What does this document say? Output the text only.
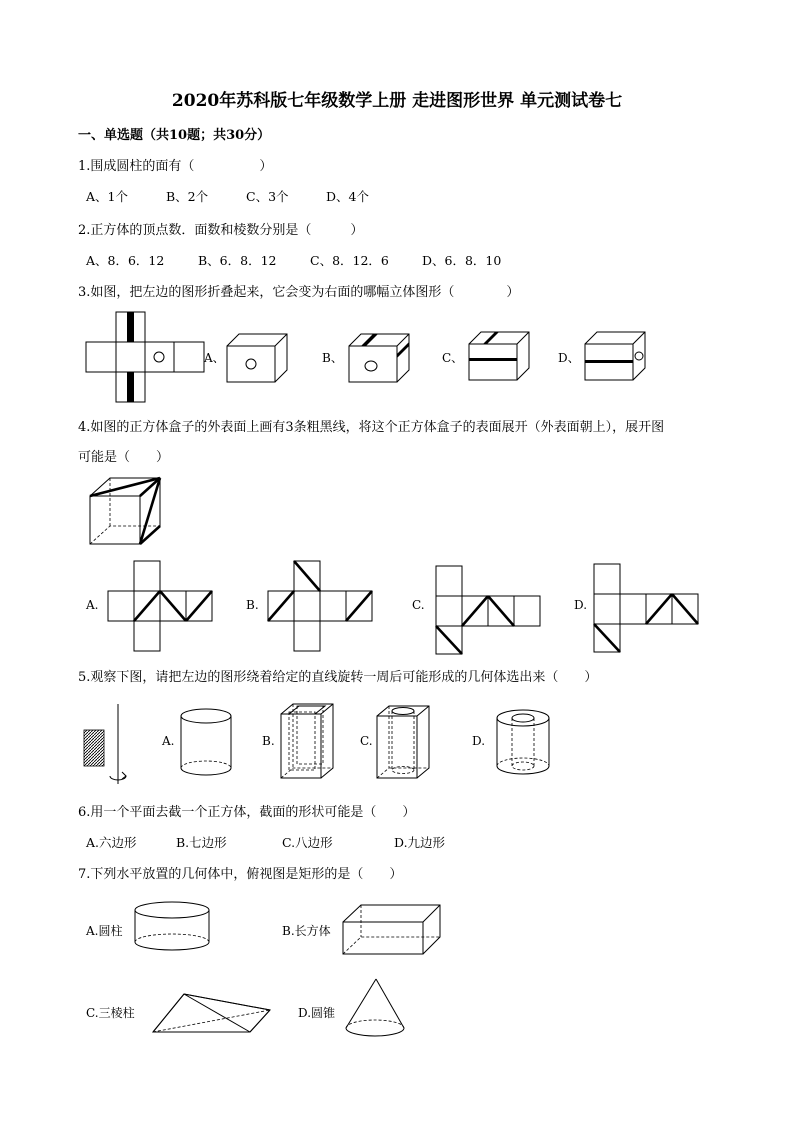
2020年苏科版七年级数学上册 走进图形世界 单元测试卷七
一、单选题（共10题；共30分）
1.围成圆柱的面有（　　　　　）
A、1个	B、2个	C、3个	D、4个
2.正方体的顶点数．面数和棱数分别是（　　　）
A、8．6．12	B、6．8．12	C、8．12．6	D、6．8．10
3.如图，把左边的图形折叠起来，它会变为右面的哪幅立体图形（　　　　）
A、	B、	C、	D、
4.如图的正方体盒子的外表面上画有3条粗黑线，将这个正方体盒子的表面展开（外表面朝上），展开图
可能是（　　）
A.	B.	C.	D.
5.观察下图，请把左边的图形绕着给定的直线旋转一周后可能形成的几何体选出来（　　）
A.	B.	C.	D.
6.用一个平面去截一个正方体，截面的形状可能是（　　）
A.六边形	B.七边形	C.八边形	D.九边形
7.下列水平放置的几何体中，俯视图是矩形的是（　　）
A.圆柱	B.长方体
C.三棱柱	D.圆锥
